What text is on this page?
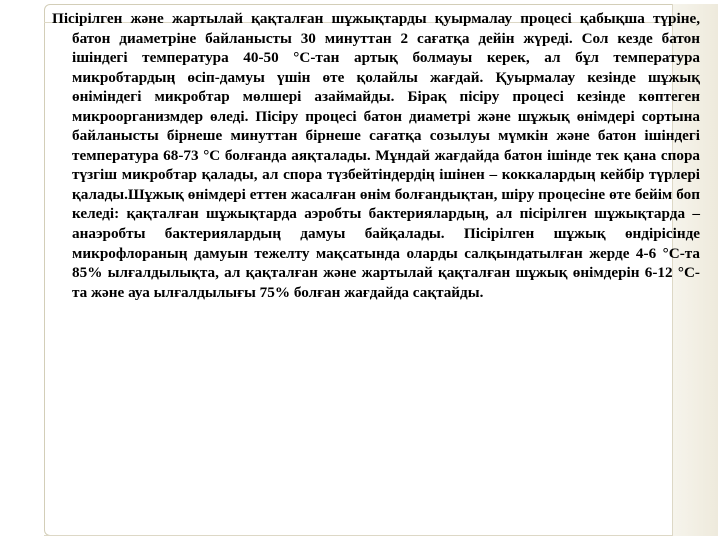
Пісірілген және жартылай қақталған шұжықтарды қуырмалау процесі қабықша түріне, батон диаметріне байланысты 30 минуттан 2 сағатқа дейін жүреді. Сол кезде батон ішіндегі температура 40-50 °С-тан артық болмауы керек, ал бұл температура микробтардың өсіп-дамуы үшін өте қолайлы жағдай. Қуырмалау кезінде шұжық өнiмiндегi микробтар мөлшері азаймайды. Бірақ пісіру процесі кезінде көптеген микроорганизмдер өледі. Пісіру процесі батон диаметрі және шұжық өнімдері сортына байланысты бірнеше минуттан бірнеше сағатқа созылуы мүмкін және батон ішіндегі температура 68-73 °С болғанда аяқталады. Мұндай жағдайда батон ішінде тек қана спора түзгіш микробтар қалады, ал спора түзбейтіндердің ішінен – коккалардың кейбір түрлері қалады.Шұжық өнімдері еттен жасалған өнім болғандықтан, шіру процесіне өте бейім боп келеді: қақталған шұжықтарда аэробты бактериялардың, ал пісірілген шұжықтарда – анаэробты бактериялардың дамуы байқалады. Пісірілген шұжық өндірісінде микрофлораның дамуын тежелту мақсатында оларды салқындатылған жерде 4-6 °С-та 85% ылғалдылықта, ал қақталған және жартылай қақталған шұжық өнімдерін 6-12 °С-та және ауа ылғалдылығы 75% болған жағдайда сақтайды.
